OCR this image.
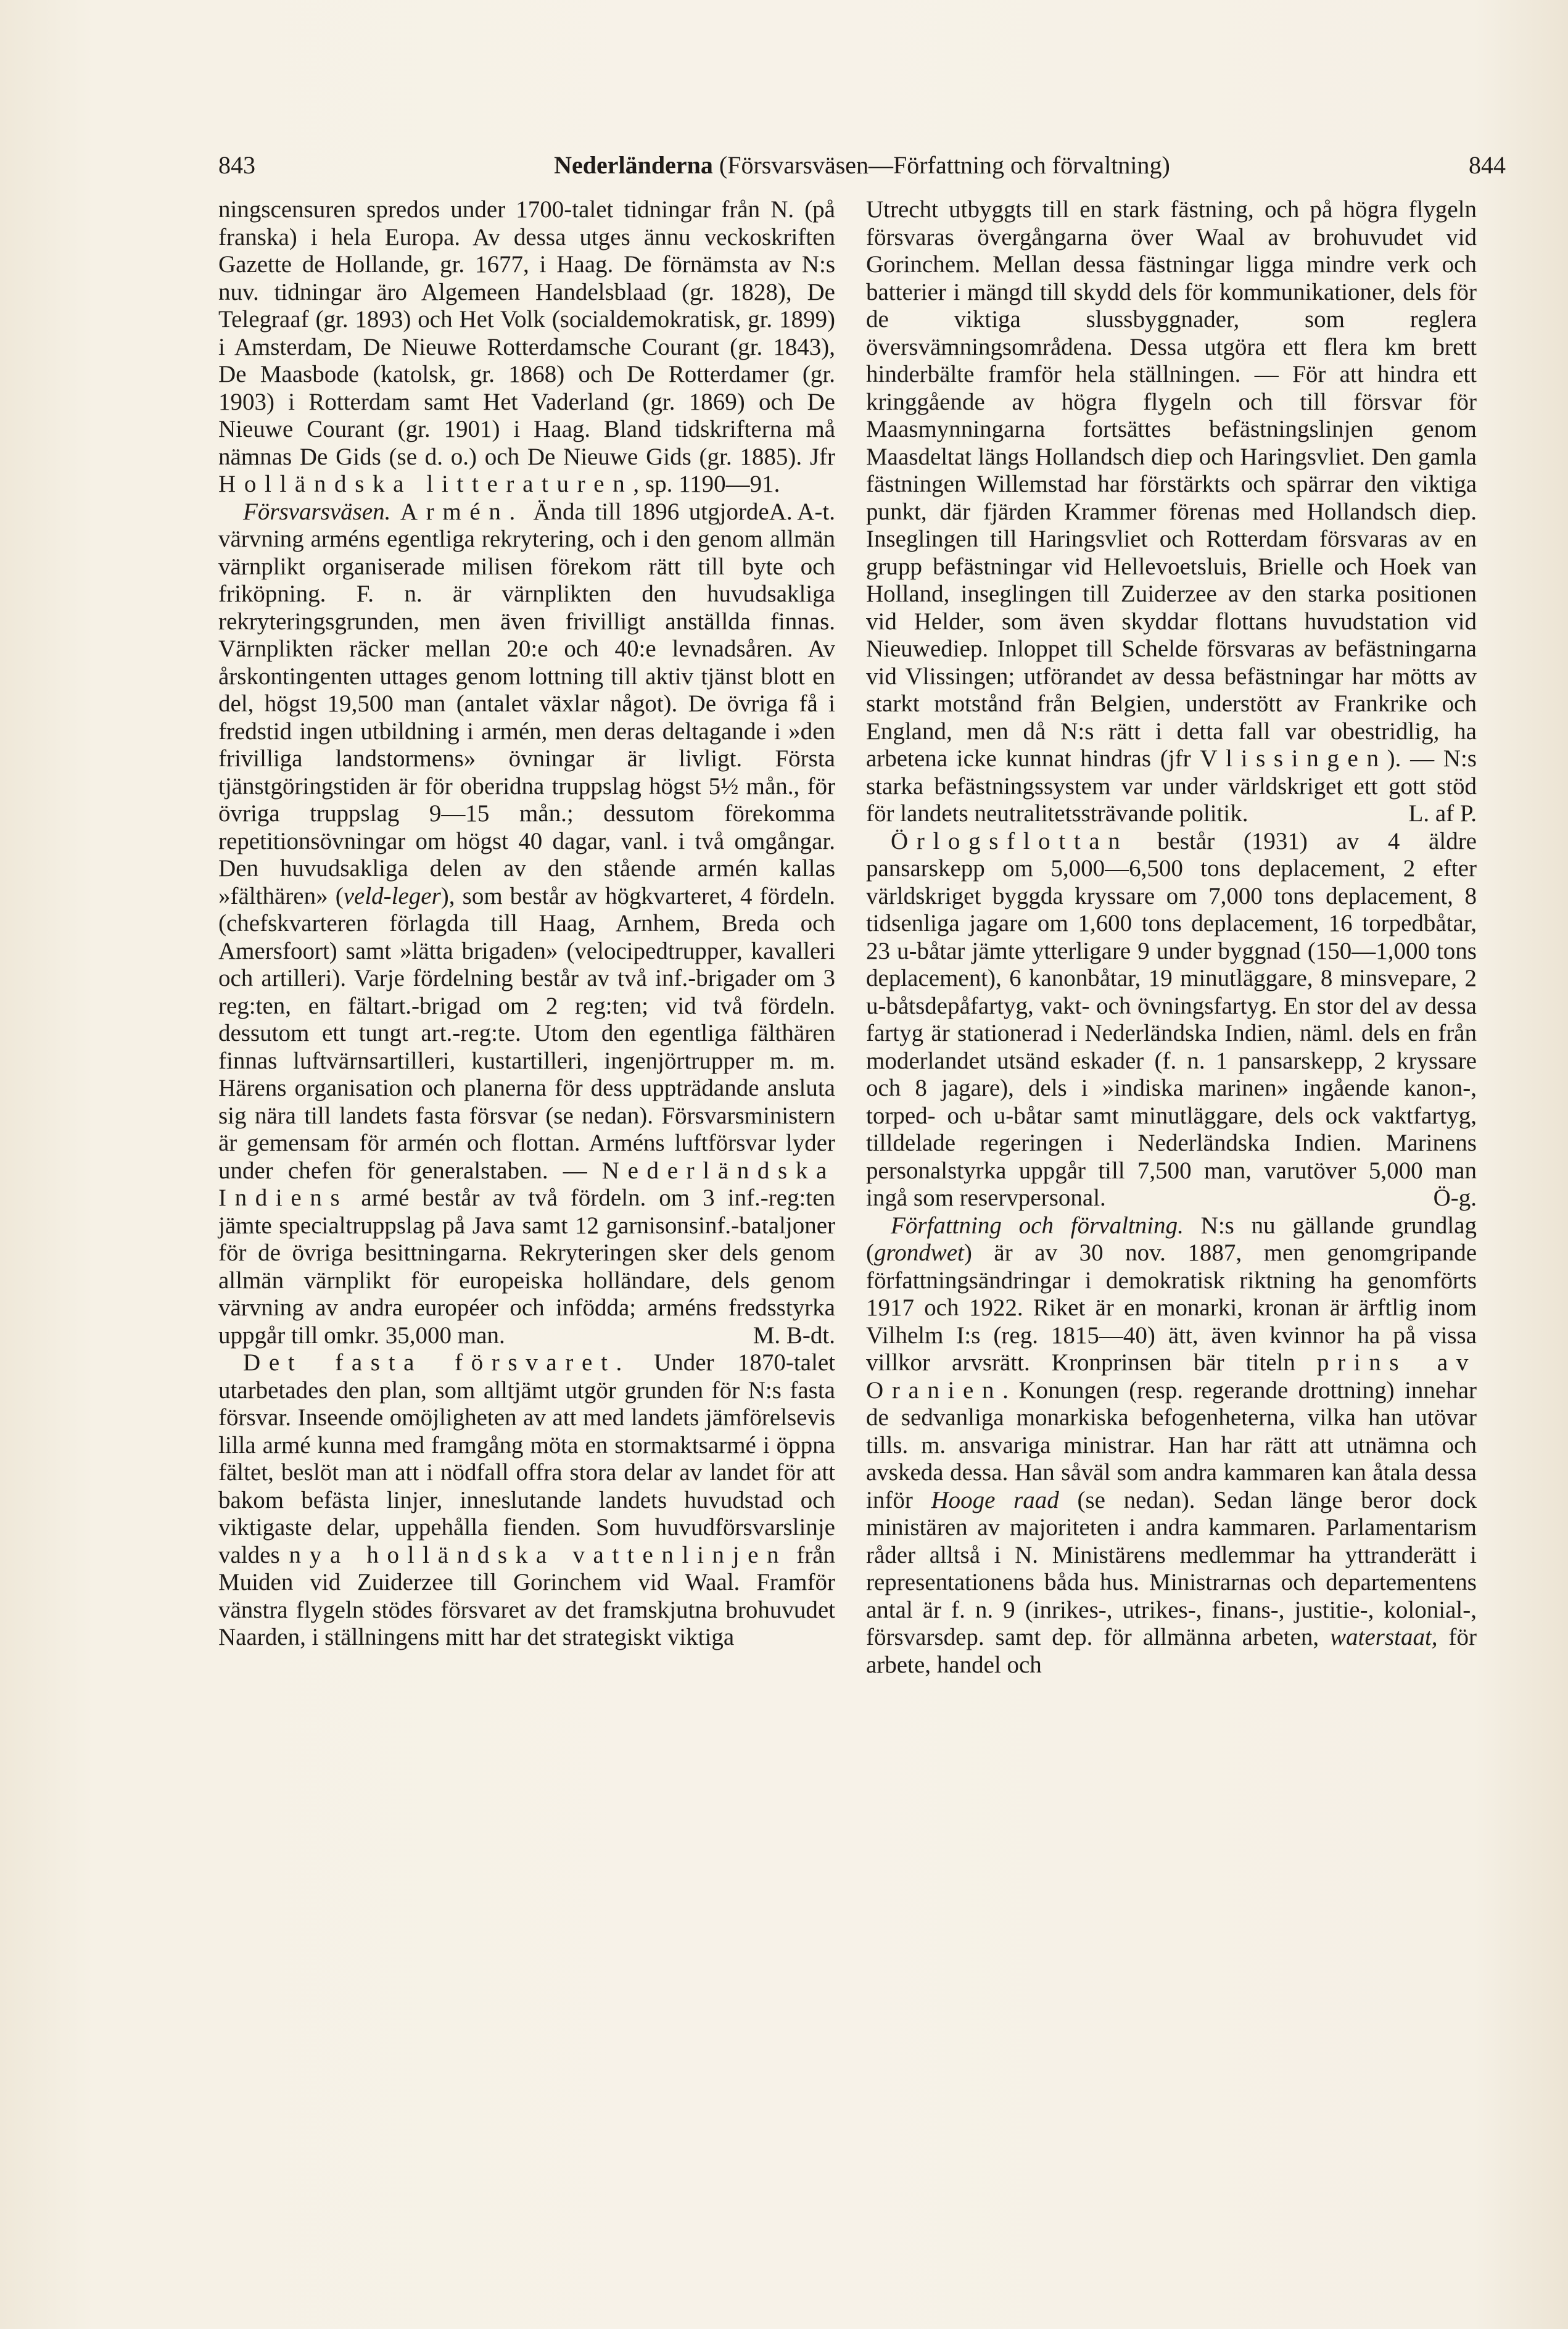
843	Nederländerna (Försvarsväsen—Författning och förvaltning)	844

ningscensuren spredos under 1700-talet tidningar från N. (på franska) i hela Europa. Av dessa utges ännu veckoskriften Gazette de Hollande, gr. 1677, i Haag. De förnämsta av N:s nuv. tidningar äro Algemeen Handelsblaad (gr. 1828), De Telegraaf (gr. 1893) och Het Volk (socialdemokratisk, gr. 1899) i Amsterdam, De Nieuwe Rotterdamsche Courant (gr. 1843), De Maasbode (katolsk, gr. 1868) och De Rotterdamer (gr. 1903) i Rotterdam samt Het Vaderland (gr. 1869) och De Nieuwe Courant (gr. 1901) i Haag. Bland tidskrifterna må nämnas De Gids (se d. o.) och De Nieuwe Gids (gr. 1885). Jfr Holländska litteraturen, sp. 1190—91.
A. A-t.

Försvarsväsen. Armén. Ända till 1896 utgjorde värvning arméns egentliga rekrytering, och i den genom allmän värnplikt organiserade milisen förekom rätt till byte och friköpning. F. n. är värnplikten den huvudsakliga rekryteringsgrunden, men även frivilligt anställda finnas. Värnplikten räcker mellan 20:e och 40:e levnadsåren. Av årskontingenten uttages genom lottning till aktiv tjänst blott en del, högst 19,500 man (antalet växlar något). De övriga få i fredstid ingen utbildning i armén, men deras deltagande i »den frivilliga landstormens» övningar är livligt. Första tjänstgöringstiden är för oberidna truppslag högst 5½ mån., för övriga truppslag 9—15 mån.; dessutom förekomma repetitionsövningar om högst 40 dagar, vanl. i två omgångar. Den huvudsakliga delen av den stående armén kallas »fälthären» (veld-leger), som består av högkvarteret, 4 fördeln. (chefskvarteren förlagda till Haag, Arnhem, Breda och Amersfoort) samt »lätta brigaden» (velocipedtrupper, kavalleri och artilleri). Varje fördelning består av två inf.-brigader om 3 reg:ten, en fältart.-brigad om 2 reg:ten; vid två fördeln. dessutom ett tungt art.-reg:te. Utom den egentliga fälthären finnas luftvärnsartilleri, kustartilleri, ingenjörtrupper m. m. Härens organisation och planerna för dess uppträdande ansluta sig nära till landets fasta försvar (se nedan). Försvarsministern är gemensam för armén och flottan. Arméns luftförsvar lyder under chefen för generalstaben. — Nederländska Indiens armé består av två fördeln. om 3 inf.-reg:ten jämte specialtruppslag på Java samt 12 garnisonsinf.-bataljoner för de övriga besittningarna. Rekryteringen sker dels genom allmän värnplikt för europeiska holländare, dels genom värvning av andra européer och infödda; arméns fredsstyrka uppgår till omkr. 35,000 man.	M. B-dt.

Det fasta försvaret. Under 1870-talet utarbetades den plan, som alltjämt utgör grunden för N:s fasta försvar. Inseende omöjligheten av att med landets jämförelsevis lilla armé kunna med framgång möta en stormaktsarmé i öppna fältet, beslöt man att i nödfall offra stora delar av landet för att bakom befästa linjer, inneslutande landets huvudstad och viktigaste delar, uppehålla fienden. Som huvudförsvarslinje valdes nya holländska vattenlinjen från Muiden vid Zuiderzee till Gorinchem vid Waal. Framför vänstra flygeln stödes försvaret av det framskjutna brohuvudet Naarden, i ställningens mitt har det strategiskt viktiga

Utrecht utbyggts till en stark fästning, och på högra flygeln försvaras övergångarna över Waal av brohuvudet vid Gorinchem. Mellan dessa fästningar ligga mindre verk och batterier i mängd till skydd dels för kommunikationer, dels för de viktiga slussbyggnader, som reglera översvämningsområdena. Dessa utgöra ett flera km brett hinderbälte framför hela ställningen. — För att hindra ett kringgående av högra flygeln och till försvar för Maasmynningarna fortsättes befästningslinjen genom Maasdeltat längs Hollandsch diep och Haringsvliet. Den gamla fästningen Willemstad har förstärkts och spärrar den viktiga punkt, där fjärden Krammer förenas med Hollandsch diep. Inseglingen till Haringsvliet och Rotterdam försvaras av en grupp befästningar vid Hellevoetsluis, Brielle och Hoek van Holland, inseglingen till Zuiderzee av den starka positionen vid Helder, som även skyddar flottans huvudstation vid Nieuwediep. Inloppet till Schelde försvaras av befästningarna vid Vlissingen; utförandet av dessa befästningar har mötts av starkt motstånd från Belgien, understött av Frankrike och England, men då N:s rätt i detta fall var obestridlig, ha arbetena icke kunnat hindras (jfr Vlissingen). — N:s starka befästningssystem var under världskriget ett gott stöd för landets neutralitetssträvande politik.	L. af P.

Örlogsflottan består (1931) av 4 äldre pansarskepp om 5,000—6,500 tons deplacement, 2 efter världskriget byggda kryssare om 7,000 tons deplacement, 8 tidsenliga jagare om 1,600 tons deplacement, 16 torpedbåtar, 23 u-båtar jämte ytterligare 9 under byggnad (150—1,000 tons deplacement), 6 kanonbåtar, 19 minutläggare, 8 minsvepare, 2 u-båtsdepåfartyg, vakt- och övningsfartyg. En stor del av dessa fartyg är stationerad i Nederländska Indien, näml. dels en från moderlandet utsänd eskader (f. n. 1 pansarskepp, 2 kryssare och 8 jagare), dels i »indiska marinen» ingående kanon-, torped- och u-båtar samt minutläggare, dels ock vaktfartyg, tilldelade regeringen i Nederländska Indien. Marinens personalstyrka uppgår till 7,500 man, varutöver 5,000 man ingå som reservpersonal.	Ö-g.

Författning och förvaltning. N:s nu gällande grundlag (grondwet) är av 30 nov. 1887, men genomgripande författningsändringar i demokratisk riktning ha genomförts 1917 och 1922. Riket är en monarki, kronan är ärftlig inom Vilhelm I:s (reg. 1815—40) ätt, även kvinnor ha på vissa villkor arvsrätt. Kronprinsen bär titeln prins av Oranien. Konungen (resp. regerande drottning) innehar de sedvanliga monarkiska befogenheterna, vilka han utövar tills. m. ansvariga ministrar. Han har rätt att utnämna och avskeda dessa. Han såväl som andra kammaren kan åtala dessa inför Hooge raad (se nedan). Sedan länge beror dock ministären av majoriteten i andra kammaren. Parlamentarism råder alltså i N. Ministärens medlemmar ha yttranderätt i representationens båda hus. Ministrarnas och departementens antal är f. n. 9 (inrikes-, utrikes-, finans-, justitie-, kolonial-, försvarsdep. samt dep. för allmänna arbeten, waterstaat, för arbete, handel och
